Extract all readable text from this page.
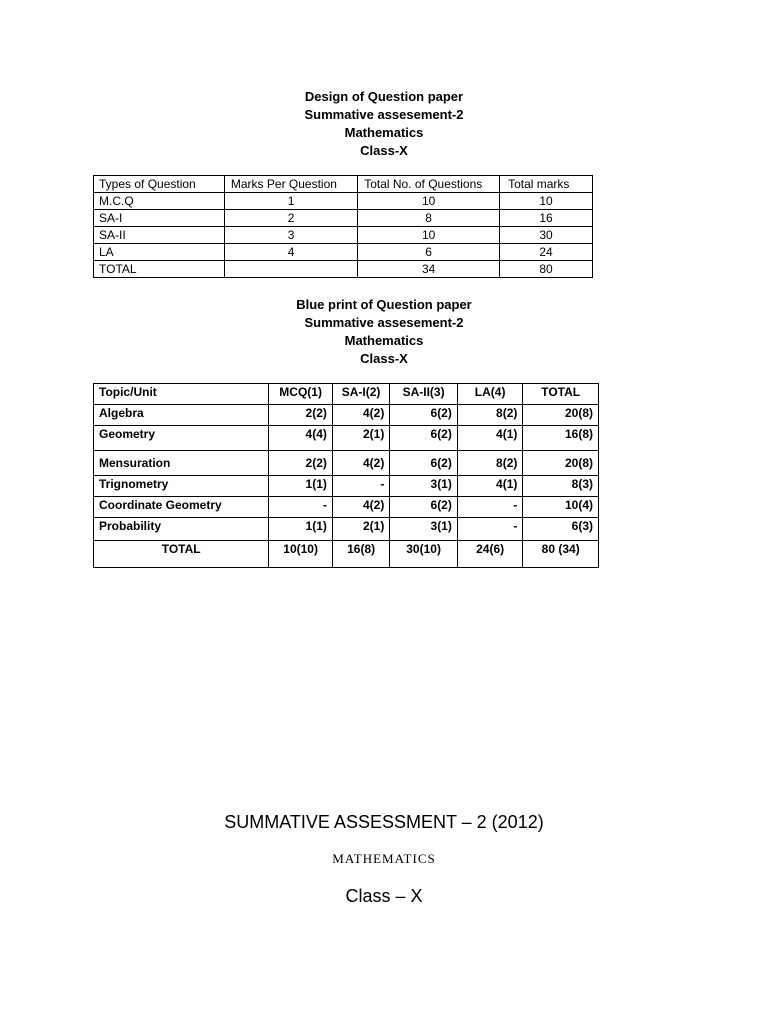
Design of Question paper
Summative assesement-2
Mathematics
Class-X
Types of Question	Marks Per Question	Total No. of Questions	Total marks
M.C.Q	1	10	10
SA-I	2	8	16
SA-II	3	10	30
LA	4	6	24
TOTAL		34	80
Blue print of Question paper
Summative assesement-2
Mathematics
Class-X
Topic/Unit	MCQ(1)	SA-I(2)	SA-II(3)	LA(4)	TOTAL
Algebra	2(2)	4(2)	6(2)	8(2)	20(8)
Geometry	4(4)	2(1)	6(2)	4(1)	16(8)
Mensuration	2(2)	4(2)	6(2)	8(2)	20(8)
Trignometry	1(1)	-	3(1)	4(1)	8(3)
Coordinate Geometry	-	4(2)	6(2)	-	10(4)
Probability	1(1)	2(1)	3(1)	-	6(3)
TOTAL	10(10)	16(8)	30(10)	24(6)	80 (34)
SUMMATIVE ASSESSMENT – 2 (2012)
MATHEMATICS
Class – X
